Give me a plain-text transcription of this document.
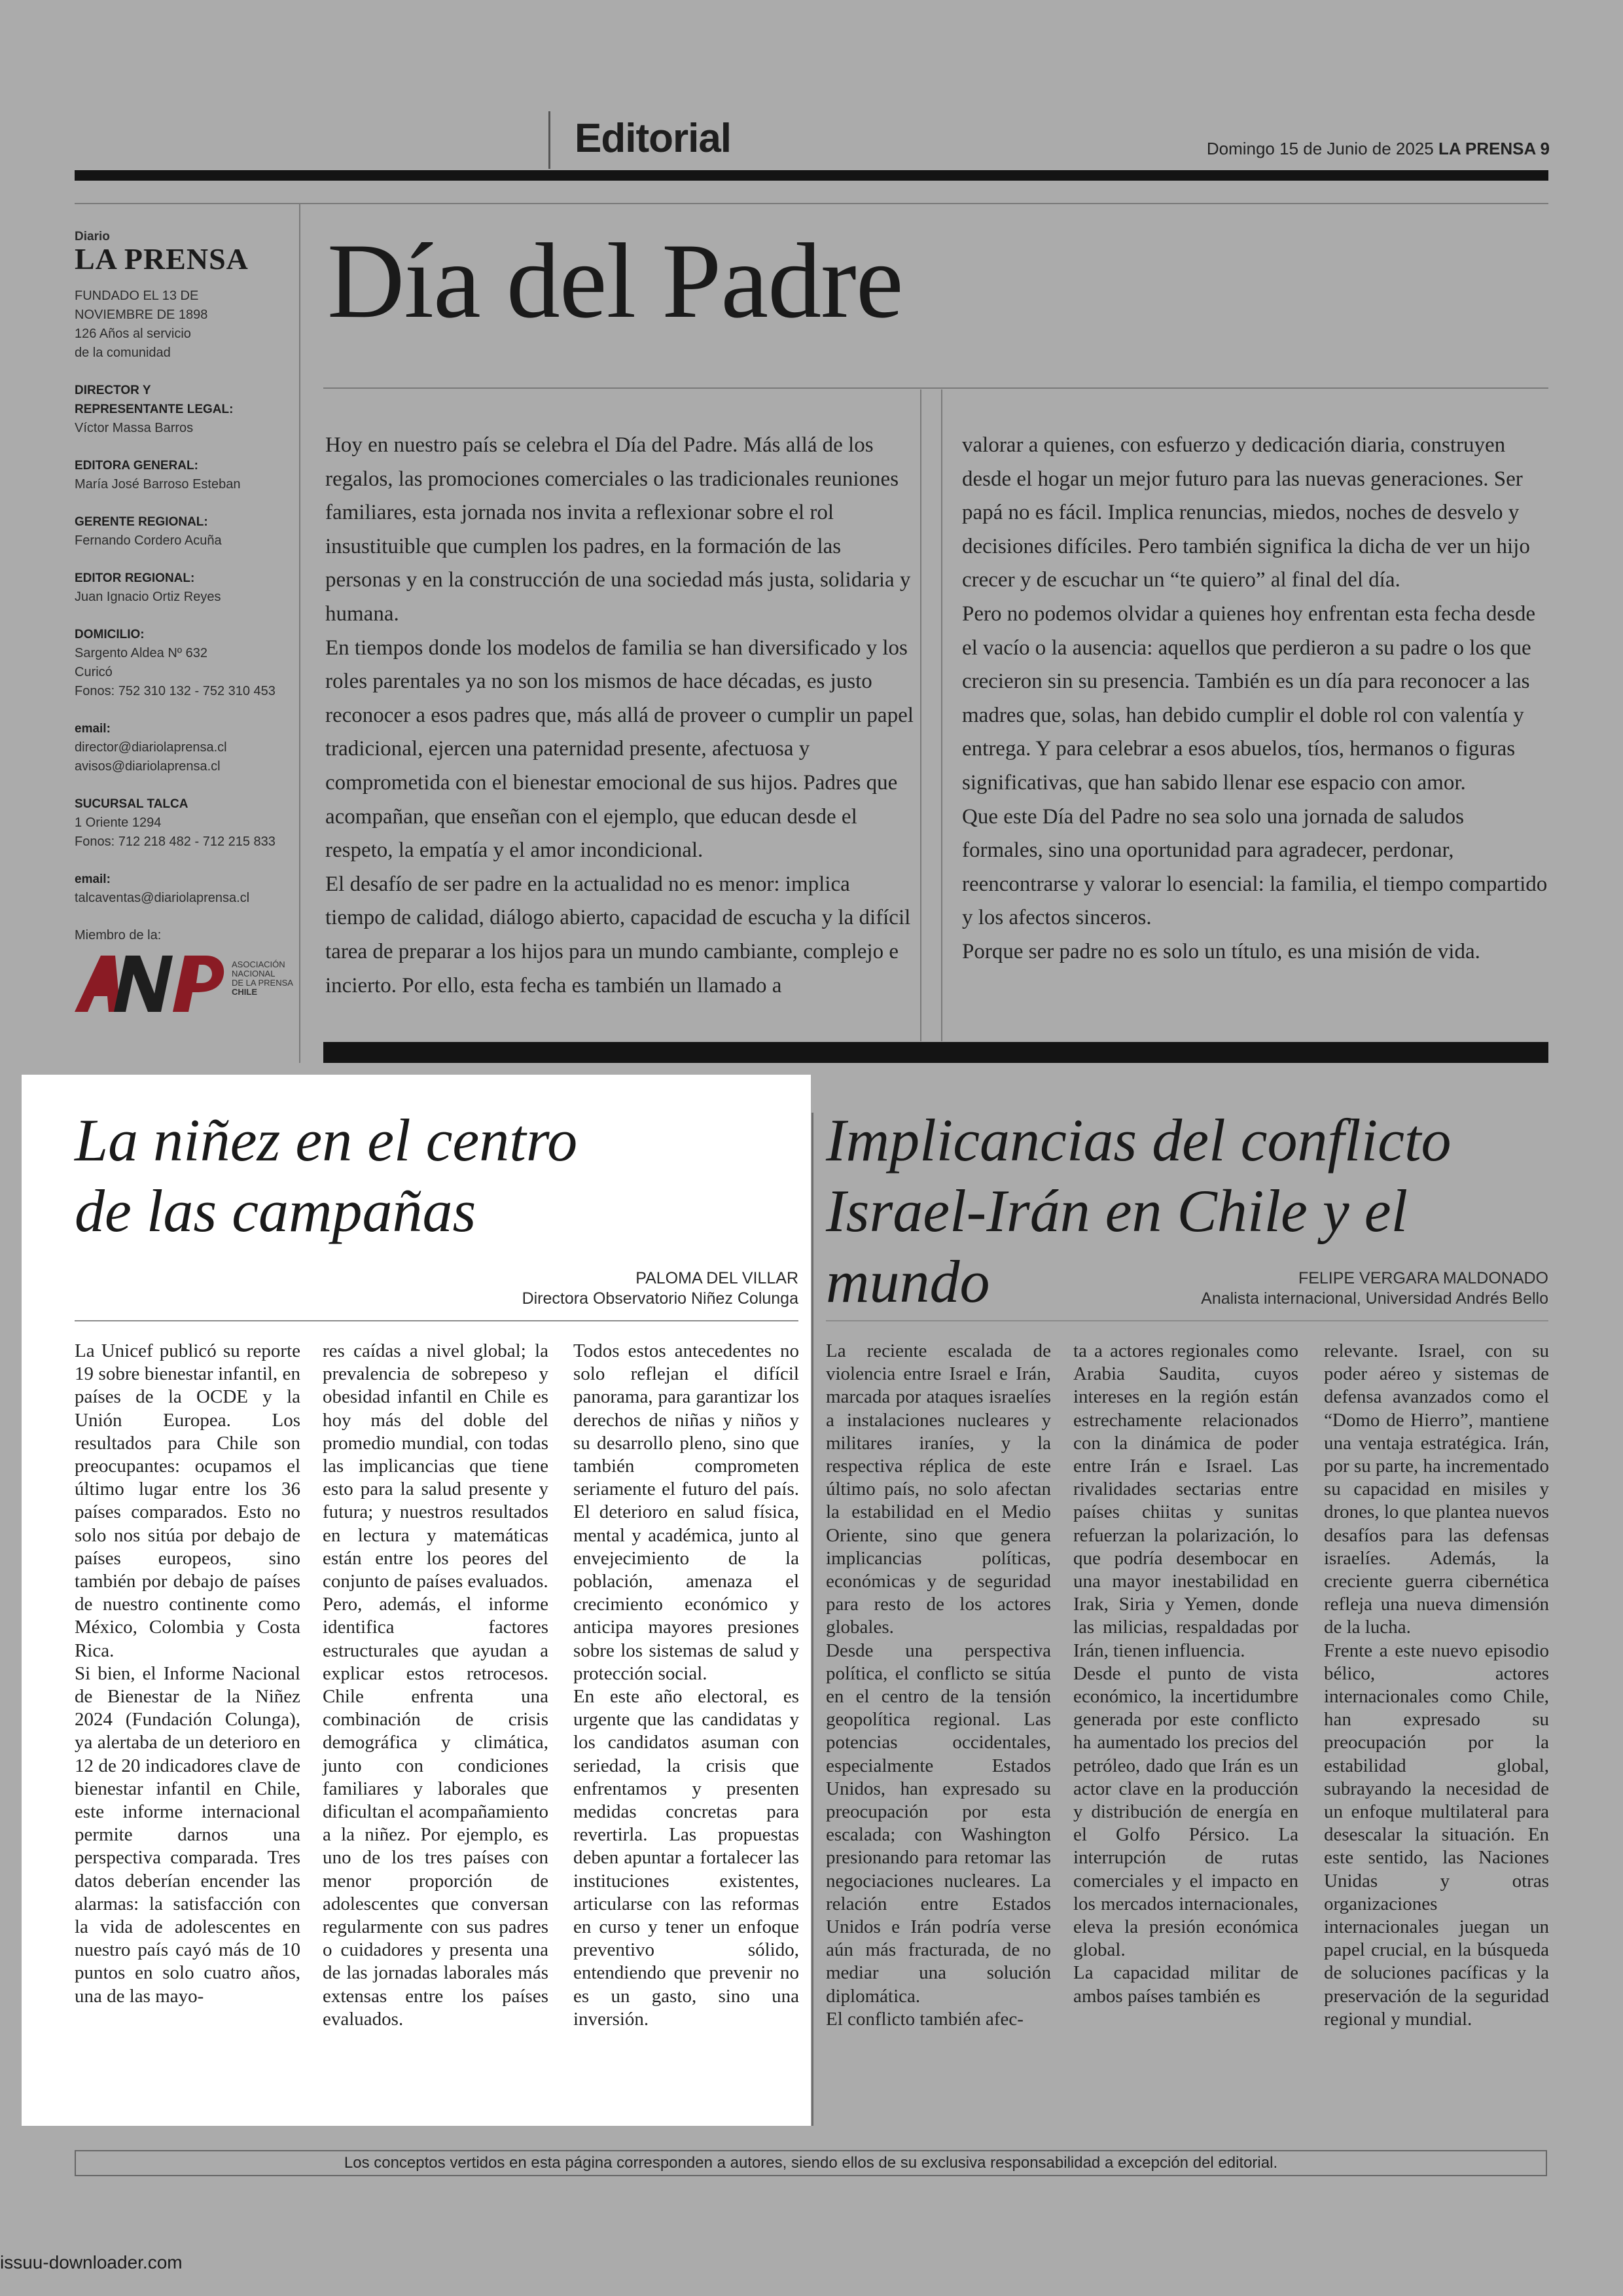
Editorial	Domingo 15 de Junio de 2025 LA PRENSA 9
Diario
LA PRENSA
FUNDADO EL 13 DE
NOVIEMBRE DE 1898
126 Años al servicio
de la comunidad
DIRECTOR Y
REPRESENTANTE LEGAL:
Víctor Massa Barros
EDITORA GENERAL:
María José Barroso Esteban
GERENTE REGIONAL:
Fernando Cordero Acuña
EDITOR REGIONAL:
Juan Ignacio Ortiz Reyes
DOMICILIO:
Sargento Aldea Nº 632
Curicó
Fonos: 752 310 132 - 752 310 453
email:
director@diariolaprensa.cl
avisos@diariolaprensa.cl
SUCURSAL TALCA
1 Oriente 1294
Fonos: 712 218 482 - 712 215 833
email:
talcaventas@diariolaprensa.cl
Miembro de la:
ASOCIACIÓN
NACIONAL
DE LA PRENSA
CHILE
Día del Padre

Hoy en nuestro país se celebra el Día del Padre. Más allá de los regalos, las promociones comerciales o las tradicionales reuniones familiares, esta jornada nos invita a reflexionar sobre el rol insustituible que cumplen los padres, en la formación de las personas y en la construcción de una sociedad más justa, solidaria y humana.

En tiempos donde los modelos de familia se han diversificado y los roles parentales ya no son los mismos de hace décadas, es justo reconocer a esos padres que, más allá de proveer o cumplir un papel tradicional, ejercen una paternidad presente, afectuosa y comprometida con el bienestar emocional de sus hijos. Padres que acompañan, que enseñan con el ejemplo, que educan desde el respeto, la empatía y el amor incondicional.

El desafío de ser padre en la actualidad no es menor: implica tiempo de calidad, diálogo abierto, capacidad de escucha y la difícil tarea de preparar a los hijos para un mundo cambiante, complejo e incierto. Por ello, esta fecha es también un llamado a

valorar a quienes, con esfuerzo y dedicación diaria, construyen desde el hogar un mejor futuro para las nuevas generaciones. Ser papá no es fácil. Implica renuncias, miedos, noches de desvelo y decisiones difíciles. Pero también significa la dicha de ver un hijo crecer y de escuchar un “te quiero” al final del día.

Pero no podemos olvidar a quienes hoy enfrentan esta fecha desde el vacío o la ausencia: aquellos que perdieron a su padre o los que crecieron sin su presencia. También es un día para reconocer a las madres que, solas, han debido cumplir el doble rol con valentía y entrega. Y para celebrar a esos abuelos, tíos, hermanos o figuras significativas, que han sabido llenar ese espacio con amor.

Que este Día del Padre no sea solo una jornada de saludos formales, sino una oportunidad para agradecer, perdonar, reencontrarse y valorar lo esencial: la familia, el tiempo compartido y los afectos sinceros.

Porque ser padre no es solo un título, es una misión de vida.

La niñez en el centro
de las campañas
PALOMA DEL VILLAR
Directora Observatorio Niñez Colunga

La Unicef publicó su reporte 19 sobre bienestar infantil, en países de la OCDE y la Unión Europea. Los resultados para Chile son preocupantes: ocupamos el último lugar entre los 36 países comparados. Esto no solo nos sitúa por debajo de países europeos, sino también por debajo de países de nuestro continente como México, Colombia y Costa Rica.

Si bien, el Informe Nacional de Bienestar de la Niñez 2024 (Fundación Colunga), ya alertaba de un deterioro en 12 de 20 indicadores clave de bienestar infantil en Chile, este informe internacional permite darnos una perspectiva comparada. Tres datos deberían encender las alarmas: la satisfacción con la vida de adolescentes en nuestro país cayó más de 10 puntos en solo cuatro años, una de las mayo-

res caídas a nivel global; la prevalencia de sobrepeso y obesidad infantil en Chile es hoy más del doble del promedio mundial, con todas las implicancias que tiene esto para la salud presente y futura; y nuestros resultados en lectura y matemáticas están entre los peores del conjunto de países evaluados.

Pero, además, el informe identifica factores estructurales que ayudan a explicar estos retrocesos. Chile enfrenta una combinación de crisis demográfica y climática, junto con condiciones familiares y laborales que dificultan el acompañamiento a la niñez. Por ejemplo, es uno de los tres países con menor proporción de adolescentes que conversan regularmente con sus padres o cuidadores y presenta una de las jornadas laborales más extensas entre los países evaluados.

Todos estos antecedentes no solo reflejan el difícil panorama, para garantizar los derechos de niñas y niños y su desarrollo pleno, sino que también comprometen seriamente el futuro del país. El deterioro en salud física, mental y académica, junto al envejecimiento de la población, amenaza el crecimiento económico y anticipa mayores presiones sobre los sistemas de salud y protección social.

En este año electoral, es urgente que las candidatas y los candidatos asuman con seriedad, la crisis que enfrentamos y presenten medidas concretas para revertirla. Las propuestas deben apuntar a fortalecer las instituciones existentes, articularse con las reformas en curso y tener un enfoque preventivo sólido, entendiendo que prevenir no es un gasto, sino una inversión.

Implicancias del conflicto
Israel-Irán en Chile y el mundo	FELIPE VERGARA MALDONADO
Analista internacional, Universidad Andrés Bello

La reciente escalada de violencia entre Israel e Irán, marcada por ataques israelíes a instalaciones nucleares y militares iraníes, y la respectiva réplica de este último país, no solo afectan la estabilidad en el Medio Oriente, sino que genera implicancias políticas, económicas y de seguridad para resto de los actores globales.

Desde una perspectiva política, el conflicto se sitúa en el centro de la tensión geopolítica regional. Las potencias occidentales, especialmente Estados Unidos, han expresado su preocupación por esta escalada; con Washington presionando para retomar las negociaciones nucleares. La relación entre Estados Unidos e Irán podría verse aún más fracturada, de no mediar una solución diplomática.

El conflicto también afec-

ta a actores regionales como Arabia Saudita, cuyos intereses en la región están estrechamente relacionados con la dinámica de poder entre Irán e Israel. Las rivalidades sectarias entre países chiitas y sunitas refuerzan la polarización, lo que podría desembocar en una mayor inestabilidad en Irak, Siria y Yemen, donde las milicias, respaldadas por Irán, tienen influencia.

Desde el punto de vista económico, la incertidumbre generada por este conflicto ha aumentado los precios del petróleo, dado que Irán es un actor clave en la producción y distribución de energía en el Golfo Pérsico. La interrupción de rutas comerciales y el impacto en los mercados internacionales, eleva la presión económica global.

La capacidad militar de ambos países también es

relevante. Israel, con su poder aéreo y sistemas de defensa avanzados como el “Domo de Hierro”, mantiene una ventaja estratégica. Irán, por su parte, ha incrementado su capacidad en misiles y drones, lo que plantea nuevos desafíos para las defensas israelíes. Además, la creciente guerra cibernética refleja una nueva dimensión de la lucha.

Frente a este nuevo episodio bélico, actores internacionales como Chile, han expresado su preocupación por la estabilidad global, subrayando la necesidad de un enfoque multilateral para desescalar la situación. En este sentido, las Naciones Unidas y otras organizaciones internacionales juegan un papel crucial, en la búsqueda de soluciones pacíficas y la preservación de la seguridad regional y mundial.

Los conceptos vertidos en esta página corresponden a autores, siendo ellos de su exclusiva responsabilidad a excepción del editorial.
issuu-downloader.com
